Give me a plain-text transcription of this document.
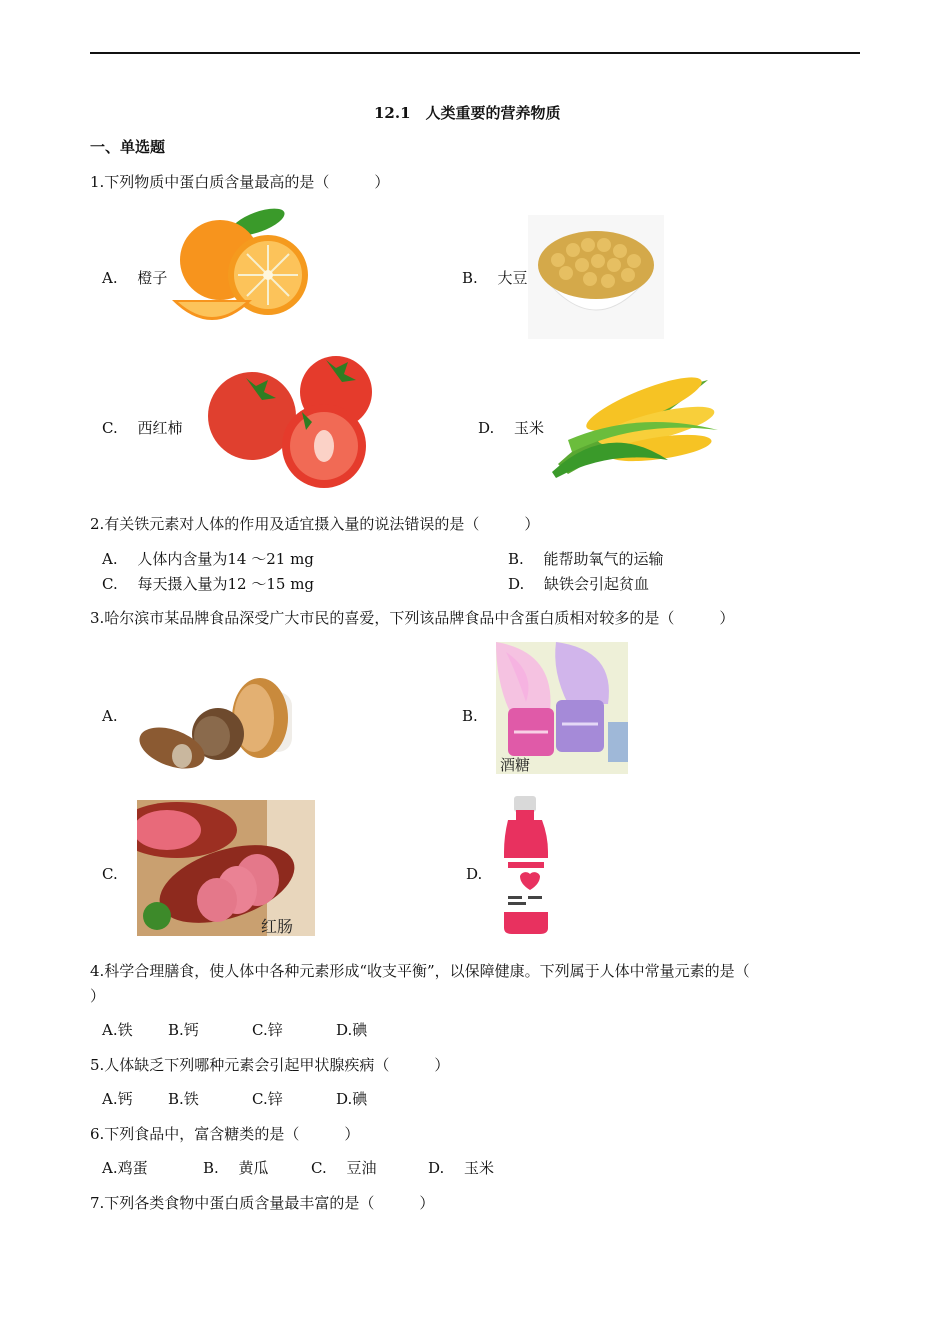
12.1　人类重要的营养物质
一、单选题
1.下列物质中蛋白质含量最高的是（　　　）
A.　 橙子	B.　 大豆
C.　 西红柿	D.　 玉米
2.有关铁元素对人体的作用及适宜摄入量的说法错误的是（　　　）
A.　 人体内含量为14 ～21 mg	B.　 能帮助氧气的运输
C.　 每天摄入量为12 ～15 mg	D.　 缺铁会引起贫血
3.哈尔滨市某品牌食品深受广大市民的喜爱，下列该品牌食品中含蛋白质相对较多的是（　　　）
A.	B.
酒糖
C.
红肠
D.
4.科学合理膳食，使人体中各种元素形成“收支平衡”，以保障健康。下列属于人体中常量元素的是（
）
A.铁 B.钙	C.锌	D.碘
5.人体缺乏下列哪种元素会引起甲状腺疾病（　　　）
A.钙 B.铁	C.锌	D.碘
6.下列食品中，富含糖类的是（　　　）
A.鸡蛋	B.　 黄瓜	C.　 豆油	D.　 玉米
7.下列各类食物中蛋白质含量最丰富的是（　　　）
